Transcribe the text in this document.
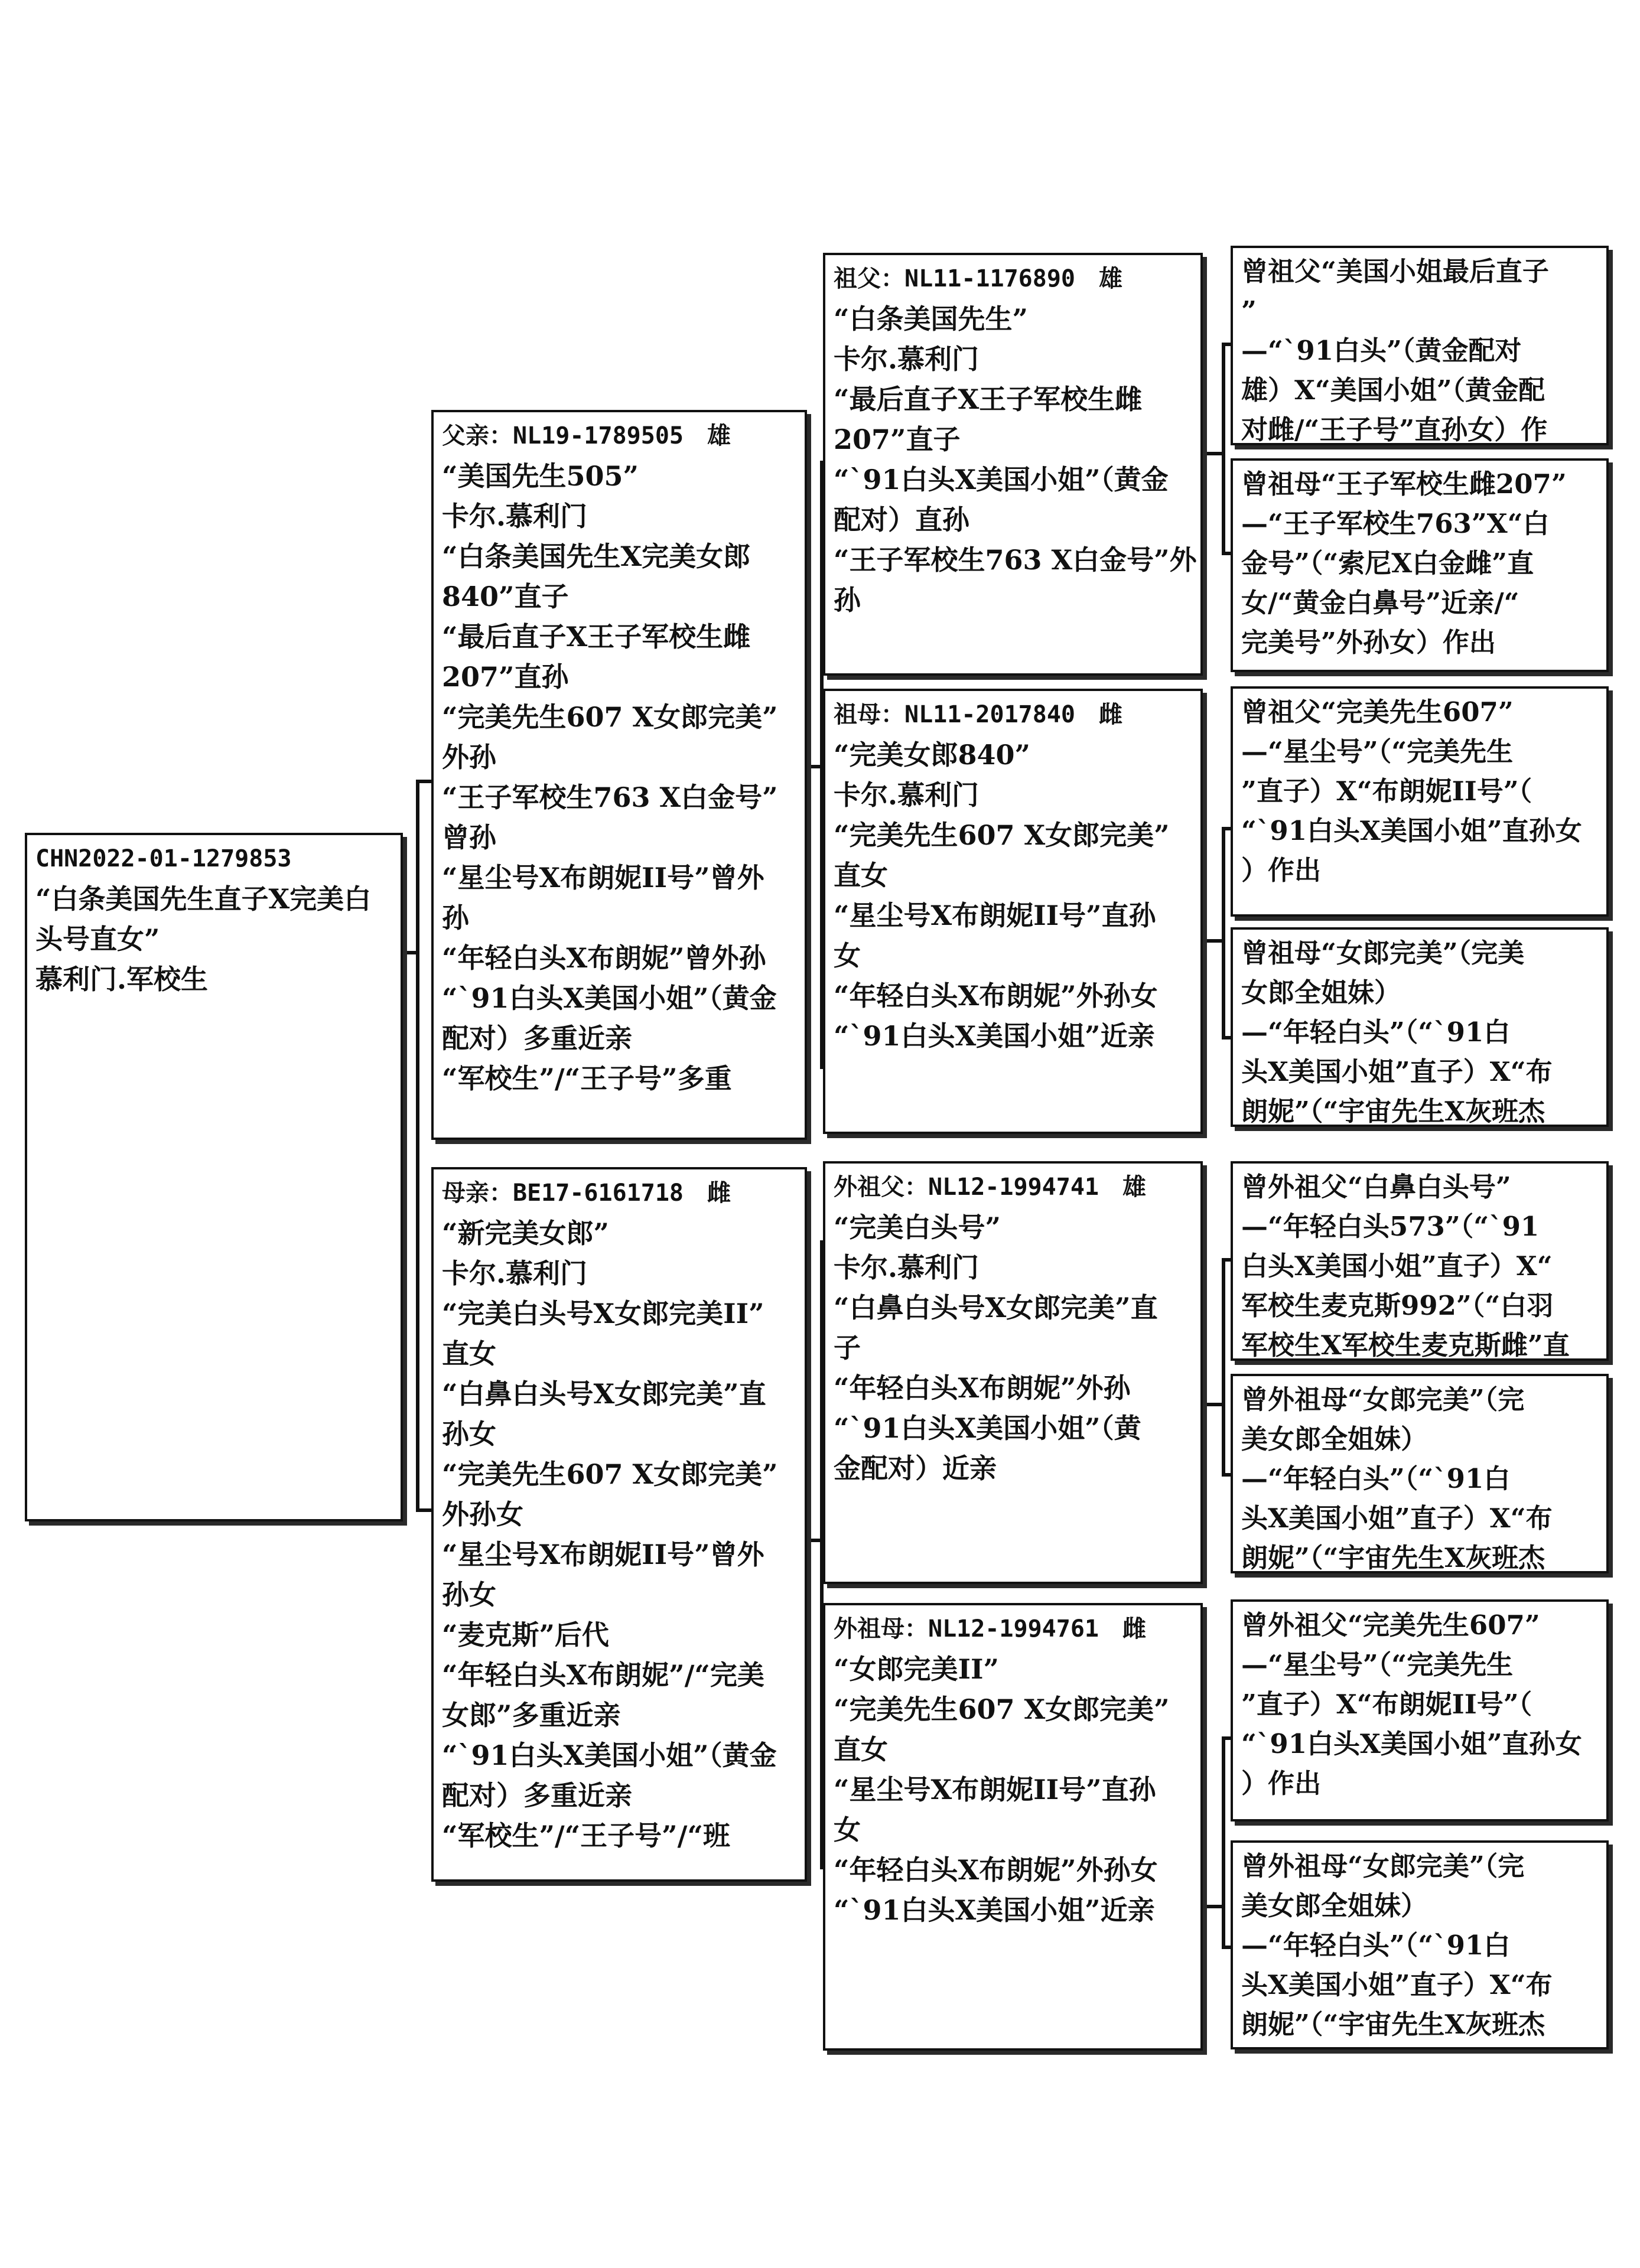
CHN2022-01-1279853
“白条美国先生直子X完美白
头号直女”
慕利门.军校生
父亲：NL19-1789505　雄
“美国先生505”
卡尔.慕利门
“白条美国先生X完美女郎
840”直子
“最后直子X王子军校生雌
207”直孙
“完美先生607 X女郎完美”
外孙
“王子军校生763 X白金号”
曾孙
“星尘号X布朗妮II号”曾外
孙
“年轻白头X布朗妮”曾外孙
“`91白头X美国小姐”（黄金
配对）多重近亲
“军校生”/“王子号”多重
母亲：BE17-6161718　雌
“新完美女郎”
卡尔.慕利门
“完美白头号X女郎完美II”
直女
“白鼻白头号X女郎完美”直
孙女
“完美先生607 X女郎完美”
外孙女
“星尘号X布朗妮II号”曾外
孙女
“麦克斯”后代
“年轻白头X布朗妮”/“完美
女郎”多重近亲
“`91白头X美国小姐”（黄金
配对）多重近亲
“军校生”/“王子号”/“班
祖父：NL11-1176890　雄
“白条美国先生”
卡尔.慕利门
“最后直子X王子军校生雌
207”直子
“`91白头X美国小姐”（黄金
配对）直孙
“王子军校生763 X白金号”外
孙
祖母：NL11-2017840　雌
“完美女郎840”
卡尔.慕利门
“完美先生607 X女郎完美”
直女
“星尘号X布朗妮II号”直孙
女
“年轻白头X布朗妮”外孙女
“`91白头X美国小姐”近亲
外祖父：NL12-1994741　雄
“完美白头号”
卡尔.慕利门
“白鼻白头号X女郎完美”直
子
“年轻白头X布朗妮”外孙
“`91白头X美国小姐”（黄
金配对）近亲
外祖母：NL12-1994761　雌
“女郎完美II”
“完美先生607 X女郎完美”
直女
“星尘号X布朗妮II号”直孙
女
“年轻白头X布朗妮”外孙女
“`91白头X美国小姐”近亲
曾祖父“美国小姐最后直子
”
—“`91白头”（黄金配对
雄）X“美国小姐”（黄金配
对雌/“王子号”直孙女）作
曾祖母“王子军校生雌207”
—“王子军校生763”X“白
金号”（“索尼X白金雌”直
女/“黄金白鼻号”近亲/“
完美号”外孙女）作出
曾祖父“完美先生607”
—“星尘号”（“完美先生
”直子）X“布朗妮II号”（
“`91白头X美国小姐”直孙女
）作出
曾祖母“女郎完美”（完美
女郎全姐妹）
—“年轻白头”（“`91白
头X美国小姐”直子）X“布
朗妮”（“宇宙先生X灰班杰
曾外祖父“白鼻白头号”
—“年轻白头573”（“`91
白头X美国小姐”直子）X“
军校生麦克斯992”（“白羽
军校生X军校生麦克斯雌”直
曾外祖母“女郎完美”（完
美女郎全姐妹）
—“年轻白头”（“`91白
头X美国小姐”直子）X“布
朗妮”（“宇宙先生X灰班杰
曾外祖父“完美先生607”
—“星尘号”（“完美先生
”直子）X“布朗妮II号”（
“`91白头X美国小姐”直孙女
）作出
曾外祖母“女郎完美”（完
美女郎全姐妹）
—“年轻白头”（“`91白
头X美国小姐”直子）X“布
朗妮”（“宇宙先生X灰班杰
